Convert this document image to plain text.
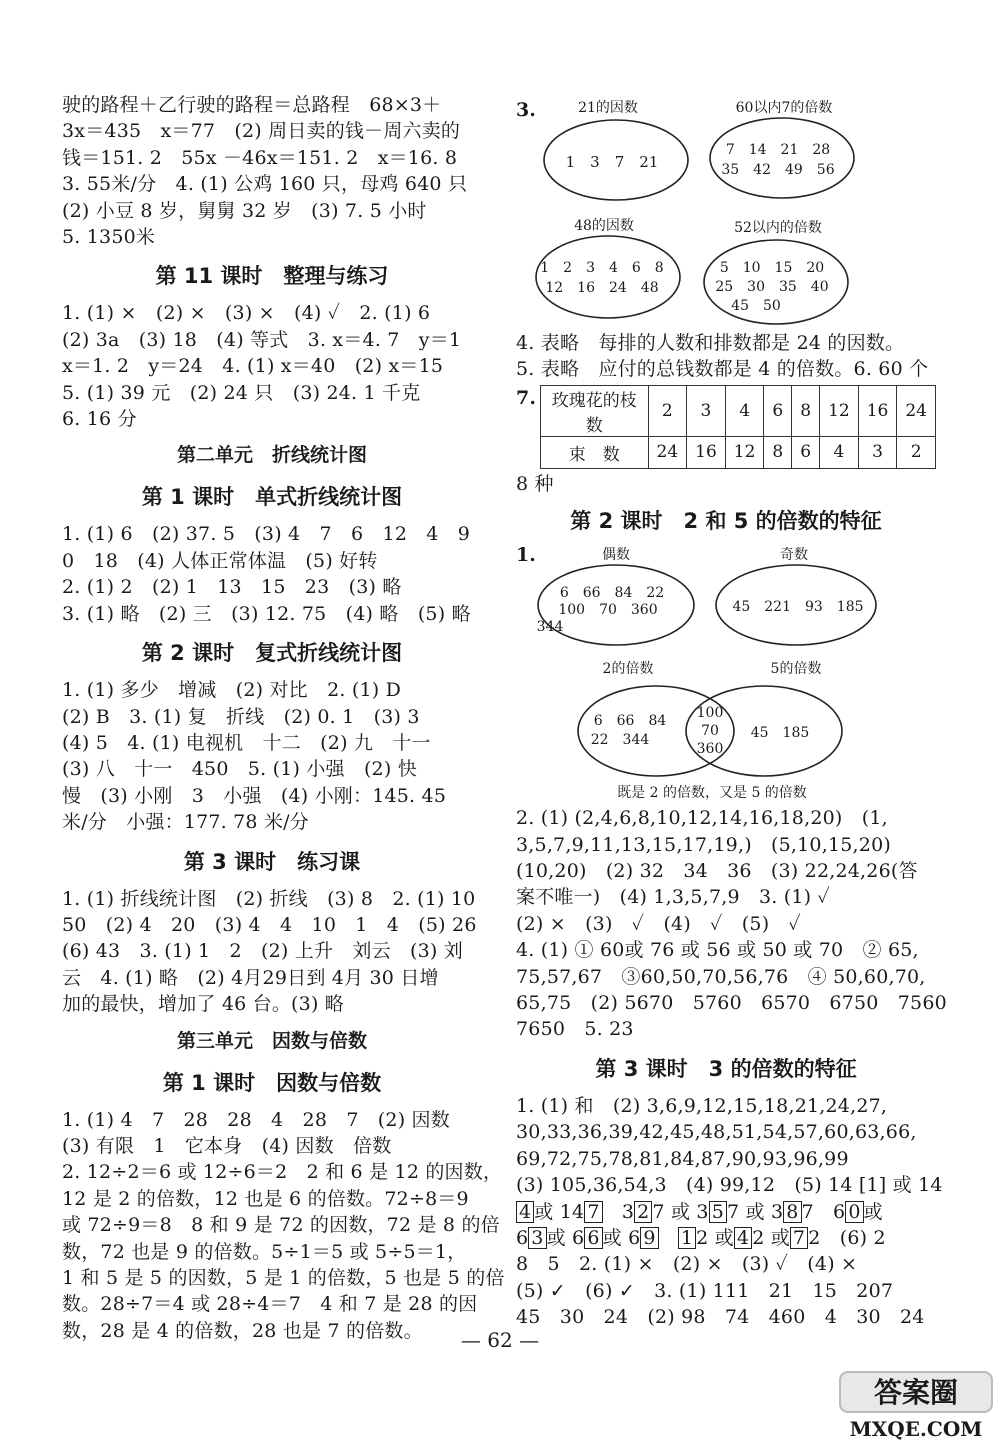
驶的路程＋乙行驶的路程＝总路程　68×3＋
3x＝435　x＝77　(2) 周日卖的钱－周六卖的
钱＝151. 2　55x －46x＝151. 2　x＝16. 8
3. 55米/分　4. (1) 公鸡 160 只，母鸡 640 只
(2) 小豆 8 岁，舅舅 32 岁　(3) 7. 5 小时
5. 1350米
第 11 课时　整理与练习
1. (1) ×　(2) ×　(3) ×　(4) ✓　2. (1) 6
(2) 3a　(3) 18　(4) 等式　3. x＝4. 7　y＝1
x＝1. 2　y＝24　4. (1) x＝40　(2) x＝15
5. (1) 39 元　(2) 24 只　(3) 24. 1 千克
6. 16 分
第二单元　折线统计图
第 1 课时　单式折线统计图
1. (1) 6　(2) 37. 5　(3) 4　7　6　12　4　9
0　18　(4) 人体正常体温　(5) 好转
2. (1) 2　(2) 1　13　15　23　(3) 略
3. (1) 略　(2) 三　(3) 12. 75　(4) 略　(5) 略
第 2 课时　复式折线统计图
1. (1) 多少　增减　(2) 对比　2. (1) D
(2) B　3. (1) 复　折线　(2) 0. 1　(3) 3
(4) 5　4. (1) 电视机　十二　(2) 九　十一
(3) 八　十一　450　5. (1) 小强　(2) 快
慢　(3) 小刚　3　小强　(4) 小刚：145. 45
米/分　小强：177. 78 米/分
第 3 课时　练习课
1. (1) 折线统计图　(2) 折线　(3) 8　2. (1) 10
50　(2) 4　20　(3) 4　4　10　1　4　(5) 26
(6) 43　3. (1) 1　2　(2) 上升　刘云　(3) 刘
云　4. (1) 略　(2) 4月29日到 4月 30 日增
加的最快，增加了 46 台。(3) 略
第三单元　因数与倍数
第 1 课时　因数与倍数
1. (1) 4　7　28　28　4　28　7　(2) 因数
(3) 有限　1　它本身　(4) 因数　倍数
2. 12÷2＝6 或 12÷6＝2　2 和 6 是 12 的因数，
12 是 2 的倍数，12 也是 6 的倍数。72÷8＝9
或 72÷9＝8　8 和 9 是 72 的因数，72 是 8 的倍
数，72 也是 9 的倍数。5÷1＝5 或 5÷5＝1，
1 和 5 是 5 的因数，5 是 1 的倍数，5 也是 5 的倍
数。28÷7＝4 或 28÷4＝7　4 和 7 是 28 的因
数，28 是 4 的倍数，28 也是 7 的倍数。
3.	21的因数
1　3　7　21
60以内7的倍数
7　14　21　28
35　42　49　56
48的因数
1　2　3　4　6　8
12　16　24　48
52以内的倍数
5　10　15　20
25　30　35　40
45　50
4. 表略　每排的人数和排数都是 24 的因数。
5. 表略　应付的总钱数都是 4 的倍数。6. 60 个
7. 玫瑰花的枝数	2	3	4	6	8	12	16	24
束　数	24	16	12	8	6	4	3	2
8 种
第 2 课时　2 和 5 的倍数的特征
1.	偶数
6　66　84　22
100　70　360
344
奇数
45　221　93　185
2的倍数	5的倍数
6　66　84
22　344
100
70
360
45　185
既是 2 的倍数，又是 5 的倍数
2. (1) (2,4,6,8,10,12,14,16,18,20)　(1,
3,5,7,9,11,13,15,17,19,)　(5,10,15,20)
(10,20)　(2) 32　34　36　(3) 22,24,26(答
案不唯一)　(4) 1,3,5,7,9　3. (1) ✓
(2) ×　(3)　✓　(4)　✓　(5)　✓
4. (1) ① 60或 76 或 56 或 50 或 70　② 65,
75,57,67　③60,50,70,56,76　④ 50,60,70,
65,75　(2) 5670　5760　6570　6750　7560
7650　5. 23
第 3 课时　3 的倍数的特征
1. (1) 和　(2) 3,6,9,12,15,18,21,24,27,
30,33,36,39,42,45,48,51,54,57,60,63,66,
69,72,75,78,81,84,87,90,93,96,99
(3) 105,36,54,3　(4) 99,12　(5) 14 [1] 或 14
4 或 14 7　3 2 7 或 3 5 7 或 3 8 7　6 0 或
6 3 或 6 6 或 6 9　 1 2 或 4 2 或 7 2　(6) 2
8　5　2. (1) ×　(2) ×　(3) ✓　(4) ×
(5) ✓　(6) ✓　3. (1) 111　21　15　207
45　30　24　(2) 98　74　460　4　30　24
— 62 —
答案圈
MXQE.COM
